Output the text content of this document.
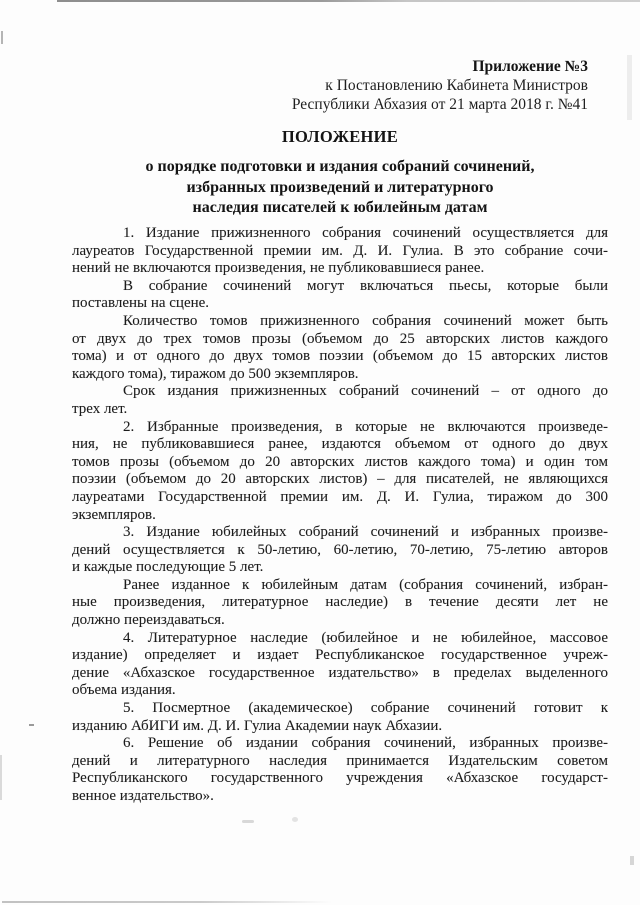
Приложение №3
к Постановлению Кабинета Министров
Республики Абхазия от 21 марта 2018 г. №41
ПОЛОЖЕНИЕ
о порядке подготовки и издания собраний сочинений,
избранных произведений и литературного
наследия писателей к юбилейным датам
1. Издание прижизненного собрания сочинений осуществляется для
лауреатов Государственной премии им. Д. И. Гулиа. В это собрание сочи-
нений не включаются произведения, не публиковавшиеся ранее.
В собрание сочинений могут включаться пьесы, которые были
поставлены на сцене.
Количество томов прижизненного собрания сочинений может быть
от двух до трех томов прозы (объемом до 25 авторских листов каждого
тома) и от одного до двух томов поэзии (объемом до 15 авторских листов
каждого тома), тиражом до 500 экземпляров.
Срок издания прижизненных собраний сочинений – от одного до
трех лет.
2. Избранные произведения, в которые не включаются произведе-
ния, не публиковавшиеся ранее, издаются объемом от одного до двух
томов прозы (объемом до 20 авторских листов каждого тома) и один том
поэзии (объемом до 20 авторских листов) – для писателей, не являющихся
лауреатами Государственной премии им. Д. И. Гулиа, тиражом до 300
экземпляров.
3. Издание юбилейных собраний сочинений и избранных произве-
дений осуществляется к 50-летию, 60-летию, 70-летию, 75-летию авторов
и каждые последующие 5 лет.
Ранее изданное к юбилейным датам (собрания сочинений, избран-
ные произведения, литературное наследие) в течение десяти лет не
должно переиздаваться.
4. Литературное наследие (юбилейное и не юбилейное, массовое
издание) определяет и издает Республиканское государственное учреж-
дение «Абхазское государственное издательство» в пределах выделенного
объема издания.
5. Посмертное (академическое) собрание сочинений готовит к
изданию АбИГИ им. Д. И. Гулиа Академии наук Абхазии.
6. Решение об издании собрания сочинений, избранных произве-
дений и литературного наследия принимается Издательским советом
Республиканского государственного учреждения «Абхазское государст-
венное издательство».
